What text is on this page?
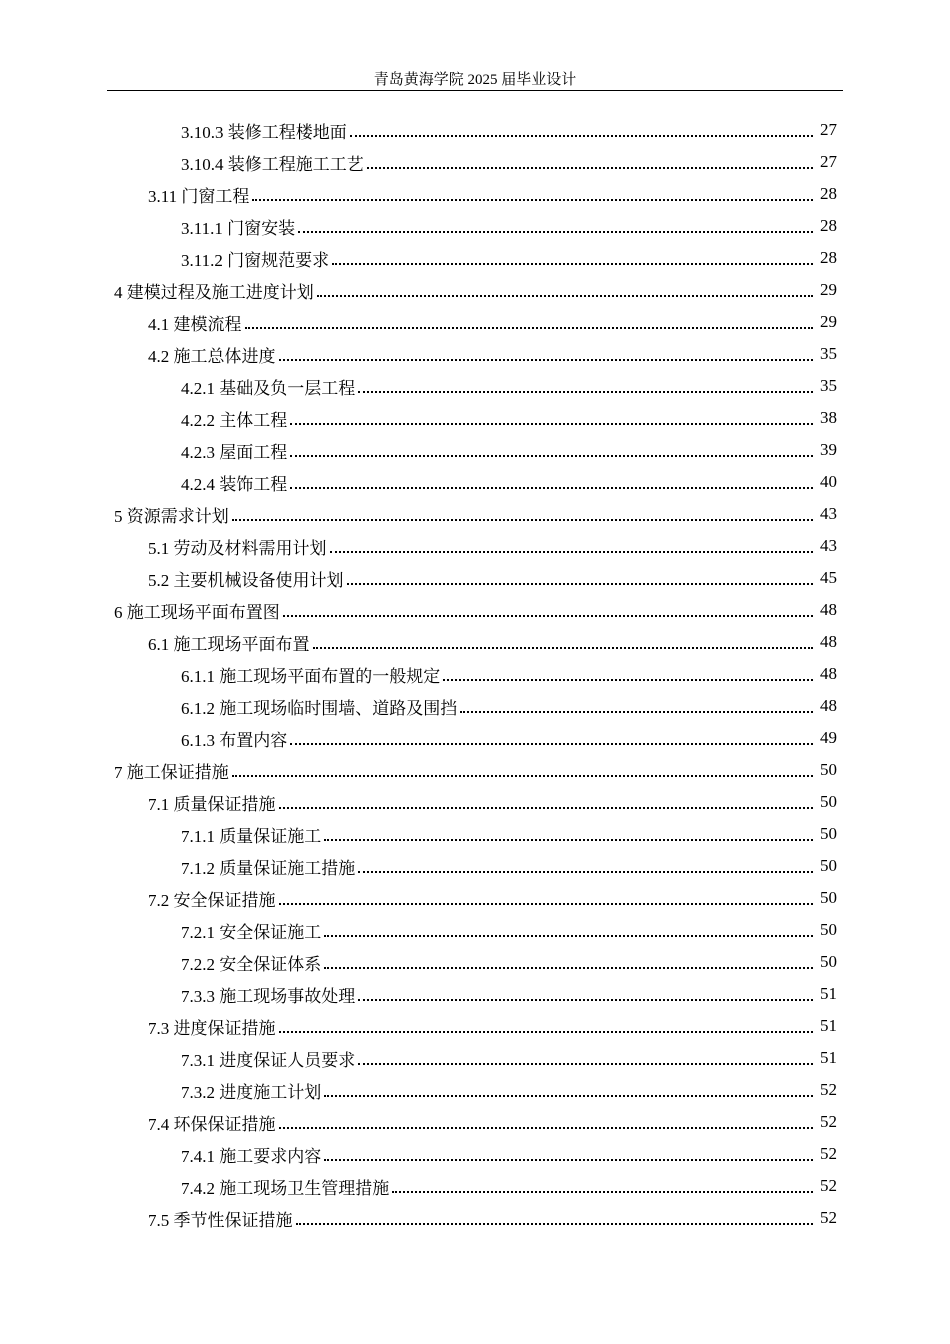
青岛黄海学院 2025 届毕业设计
3.10.3 装修工程楼地面	27
3.10.4 装修工程施工工艺	27
3.11 门窗工程	28
3.11.1 门窗安装	28
3.11.2 门窗规范要求	28
4 建模过程及施工进度计划	29
4.1 建模流程	29
4.2 施工总体进度	35
4.2.1 基础及负一层工程	35
4.2.2 主体工程	38
4.2.3 屋面工程	39
4.2.4 装饰工程	40
5 资源需求计划	43
5.1 劳动及材料需用计划	43
5.2 主要机械设备使用计划	45
6 施工现场平面布置图	48
6.1 施工现场平面布置	48
6.1.1 施工现场平面布置的一般规定	48
6.1.2 施工现场临时围墙、道路及围挡	48
6.1.3 布置内容	49
7 施工保证措施	50
7.1 质量保证措施	50
7.1.1 质量保证施工	50
7.1.2 质量保证施工措施	50
7.2 安全保证措施	50
7.2.1 安全保证施工	50
7.2.2 安全保证体系	50
7.3.3 施工现场事故处理	51
7.3 进度保证措施	51
7.3.1 进度保证人员要求	51
7.3.2 进度施工计划	52
7.4 环保保证措施	52
7.4.1 施工要求内容	52
7.4.2 施工现场卫生管理措施	52
7.5 季节性保证措施	52
